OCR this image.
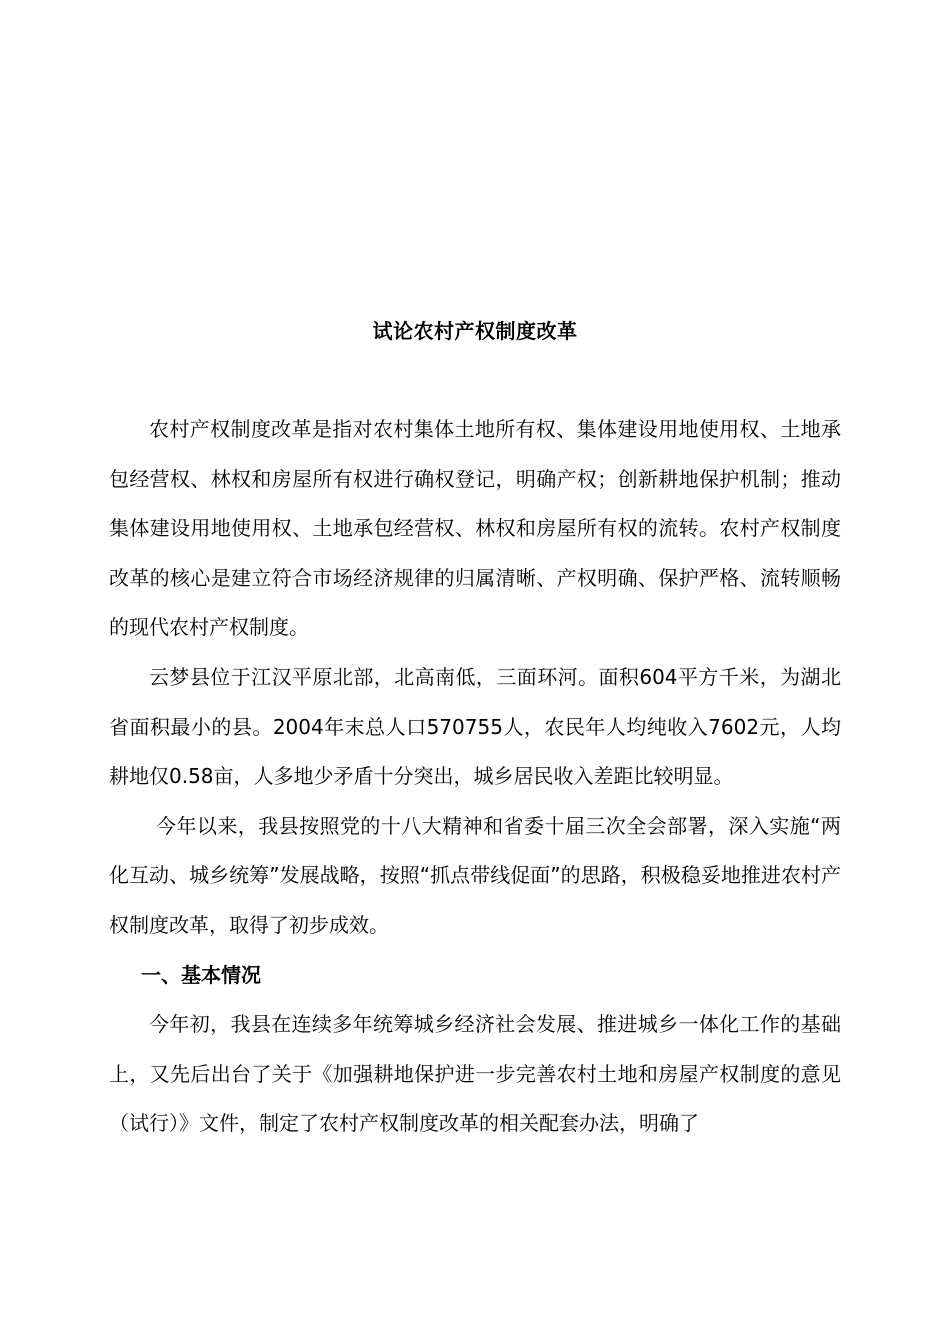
试论农村产权制度改革

农村产权制度改革是指对农村集体土地所有权、集体建设用地使用权、土地承包经营权、林权和房屋所有权进行确权登记，明确产权；创新耕地保护机制；推动集体建设用地使用权、土地承包经营权、林权和房屋所有权的流转。农村产权制度改革的核心是建立符合市场经济规律的归属清晰、产权明确、保护严格、流转顺畅的现代农村产权制度。

云梦县位于江汉平原北部，北高南低，三面环河。面积604平方千米，为湖北省面积最小的县。2004年末总人口570755人，农民年人均纯收入7602元，人均耕地仅0.58亩，人多地少矛盾十分突出，城乡居民收入差距比较明显。

今年以来，我县按照党的十八大精神和省委十届三次全会部署，深入实施“两化互动、城乡统筹”发展战略，按照“抓点带线促面”的思路，积极稳妥地推进农村产权制度改革，取得了初步成效。

一、基本情况

今年初，我县在连续多年统筹城乡经济社会发展、推进城乡一体化工作的基础上，又先后出台了关于《加强耕地保护进一步完善农村土地和房屋产权制度的意见（试行）》文件，制定了农村产权制度改革的相关配套办法，明确了
